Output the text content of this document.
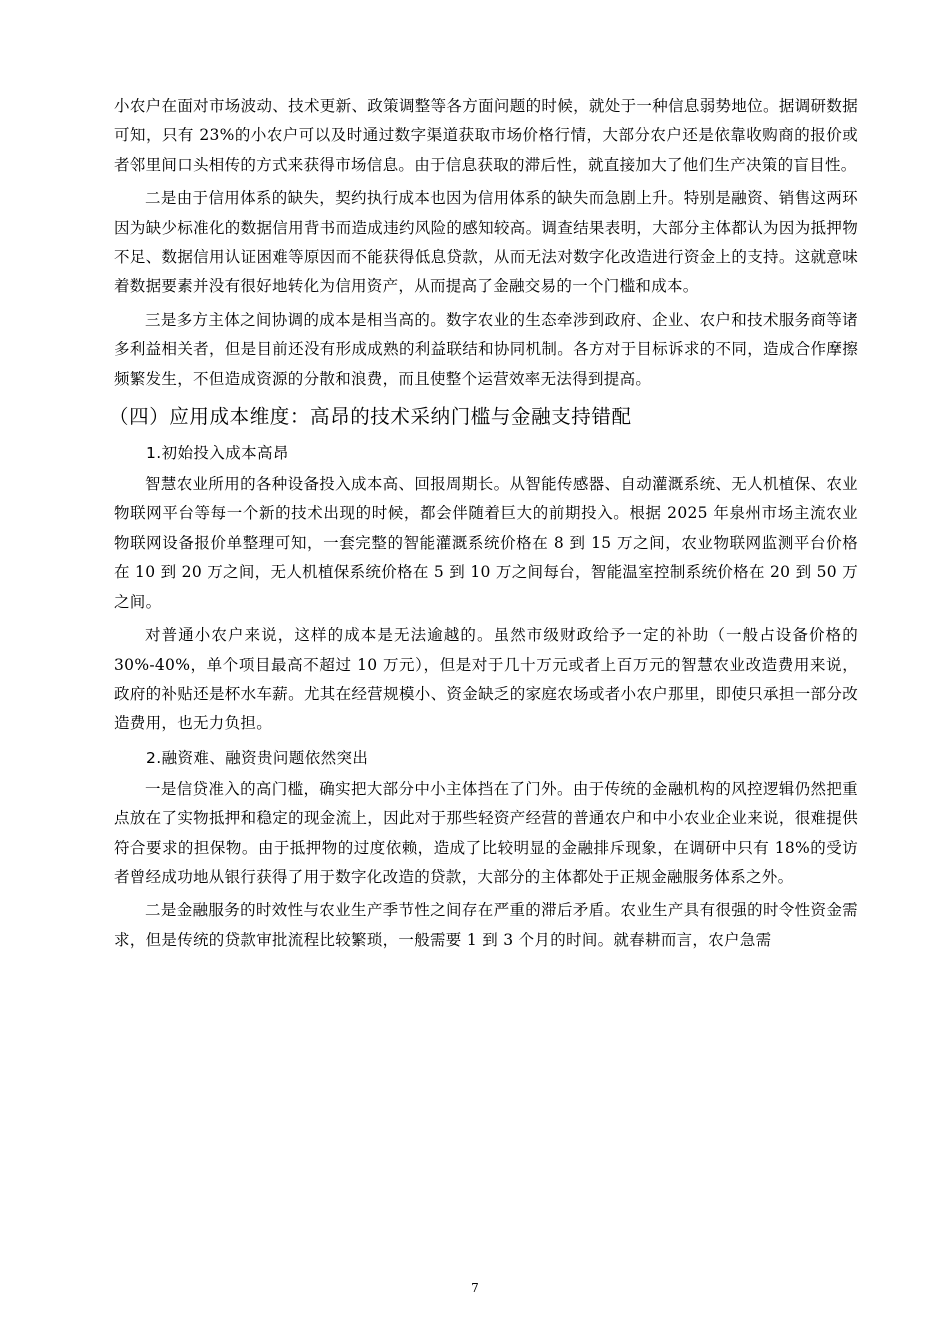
小农户在面对市场波动、技术更新、政策调整等各方面问题的时候，就处于一种信息弱势地位。据调研数据可知，只有 23%的小农户可以及时通过数字渠道获取市场价格行情，大部分农户还是依靠收购商的报价或者邻里间口头相传的方式来获得市场信息。由于信息获取的滞后性，就直接加大了他们生产决策的盲目性。

二是由于信用体系的缺失，契约执行成本也因为信用体系的缺失而急剧上升。特别是融资、销售这两环因为缺少标准化的数据信用背书而造成违约风险的感知较高。调查结果表明，大部分主体都认为因为抵押物不足、数据信用认证困难等原因而不能获得低息贷款，从而无法对数字化改造进行资金上的支持。这就意味着数据要素并没有很好地转化为信用资产，从而提高了金融交易的一个门槛和成本。

三是多方主体之间协调的成本是相当高的。数字农业的生态牵涉到政府、企业、农户和技术服务商等诸多利益相关者，但是目前还没有形成成熟的利益联结和协同机制。各方对于目标诉求的不同，造成合作摩擦频繁发生，不但造成资源的分散和浪费，而且使整个运营效率无法得到提高。

（四）应用成本维度：高昂的技术采纳门槛与金融支持错配
1.初始投入成本高昂

智慧农业所用的各种设备投入成本高、回报周期长。从智能传感器、自动灌溉系统、无人机植保、农业物联网平台等每一个新的技术出现的时候，都会伴随着巨大的前期投入。根据 2025 年泉州市场主流农业物联网设备报价单整理可知，一套完整的智能灌溉系统价格在 8 到 15 万之间，农业物联网监测平台价格在 10 到 20 万之间，无人机植保系统价格在 5 到 10 万之间每台，智能温室控制系统价格在 20 到 50 万之间。

对普通小农户来说，这样的成本是无法逾越的。虽然市级财政给予一定的补助（一般占设备价格的 30%-40%，单个项目最高不超过 10 万元），但是对于几十万元或者上百万元的智慧农业改造费用来说，政府的补贴还是杯水车薪。尤其在经营规模小、资金缺乏的家庭农场或者小农户那里，即使只承担一部分改造费用，也无力负担。

2.融资难、融资贵问题依然突出

一是信贷准入的高门槛，确实把大部分中小主体挡在了门外。由于传统的金融机构的风控逻辑仍然把重点放在了实物抵押和稳定的现金流上，因此对于那些轻资产经营的普通农户和中小农业企业来说，很难提供符合要求的担保物。由于抵押物的过度依赖，造成了比较明显的金融排斥现象，在调研中只有 18%的受访者曾经成功地从银行获得了用于数字化改造的贷款，大部分的主体都处于正规金融服务体系之外。

二是金融服务的时效性与农业生产季节性之间存在严重的滞后矛盾。农业生产具有很强的时令性资金需求，但是传统的贷款审批流程比较繁琐，一般需要 1 到 3 个月的时间。就春耕而言，农户急需

7
